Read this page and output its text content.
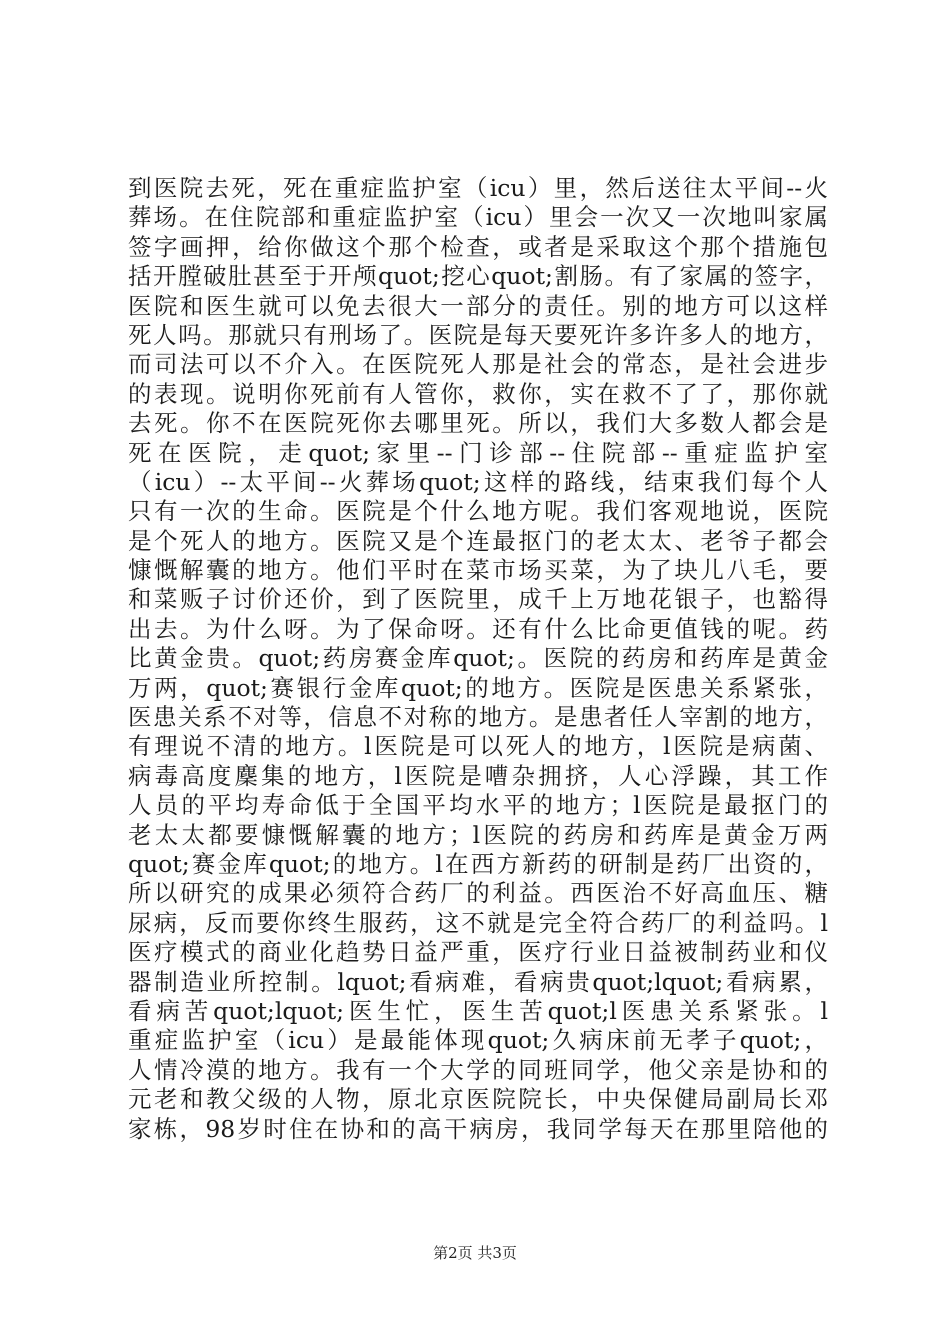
到医院去死，死在重症监护室（icu）里，然后送往太平间--火
葬场。在住院部和重症监护室（icu）里会一次又一次地叫家属
签字画押，给你做这个那个检查，或者是采取这个那个措施包
括开膛破肚甚至于开颅quot;挖心quot;割肠。有了家属的签字，
医院和医生就可以免去很大一部分的责任。别的地方可以这样
死人吗。那就只有刑场了。医院是每天要死许多许多人的地方，
而司法可以不介入。在医院死人那是社会的常态，是社会进步
的表现。说明你死前有人管你，救你，实在救不了了，那你就
去死。你不在医院死你去哪里死。所以，我们大多数人都会是
死在医院，走quot;家里--门诊部--住院部--重症监护室
（icu）--太平间--火葬场quot;这样的路线，结束我们每个人
只有一次的生命。医院是个什么地方呢。我们客观地说，医院
是个死人的地方。医院又是个连最抠门的老太太、老爷子都会
慷慨解囊的地方。他们平时在菜市场买菜，为了块儿八毛，要
和菜贩子讨价还价，到了医院里，成千上万地花银子，也豁得
出去。为什么呀。为了保命呀。还有什么比命更值钱的呢。药
比黄金贵。quot;药房赛金库quot;。医院的药房和药库是黄金
万两，quot;赛银行金库quot;的地方。医院是医患关系紧张，
医患关系不对等，信息不对称的地方。是患者任人宰割的地方，
有理说不清的地方。l医院是可以死人的地方，l医院是病菌、
病毒高度麇集的地方，l医院是嘈杂拥挤，人心浮躁，其工作
人员的平均寿命低于全国平均水平的地方；l医院是最抠门的
老太太都要慷慨解囊的地方；l医院的药房和药库是黄金万两
quot;赛金库quot;的地方。l在西方新药的研制是药厂出资的，
所以研究的成果必须符合药厂的利益。西医治不好高血压、糖
尿病，反而要你终生服药，这不就是完全符合药厂的利益吗。l
医疗模式的商业化趋势日益严重，医疗行业日益被制药业和仪
器制造业所控制。lquot;看病难，看病贵quot;lquot;看病累，
看病苦quot;lquot;医生忙，医生苦quot;l医患关系紧张。l
重症监护室（icu）是最能体现quot;久病床前无孝子quot;，
人情冷漠的地方。我有一个大学的同班同学，他父亲是协和的
元老和教父级的人物，原北京医院院长，中央保健局副局长邓
家栋，98岁时住在协和的高干病房，我同学每天在那里陪他的
第2页 共3页
